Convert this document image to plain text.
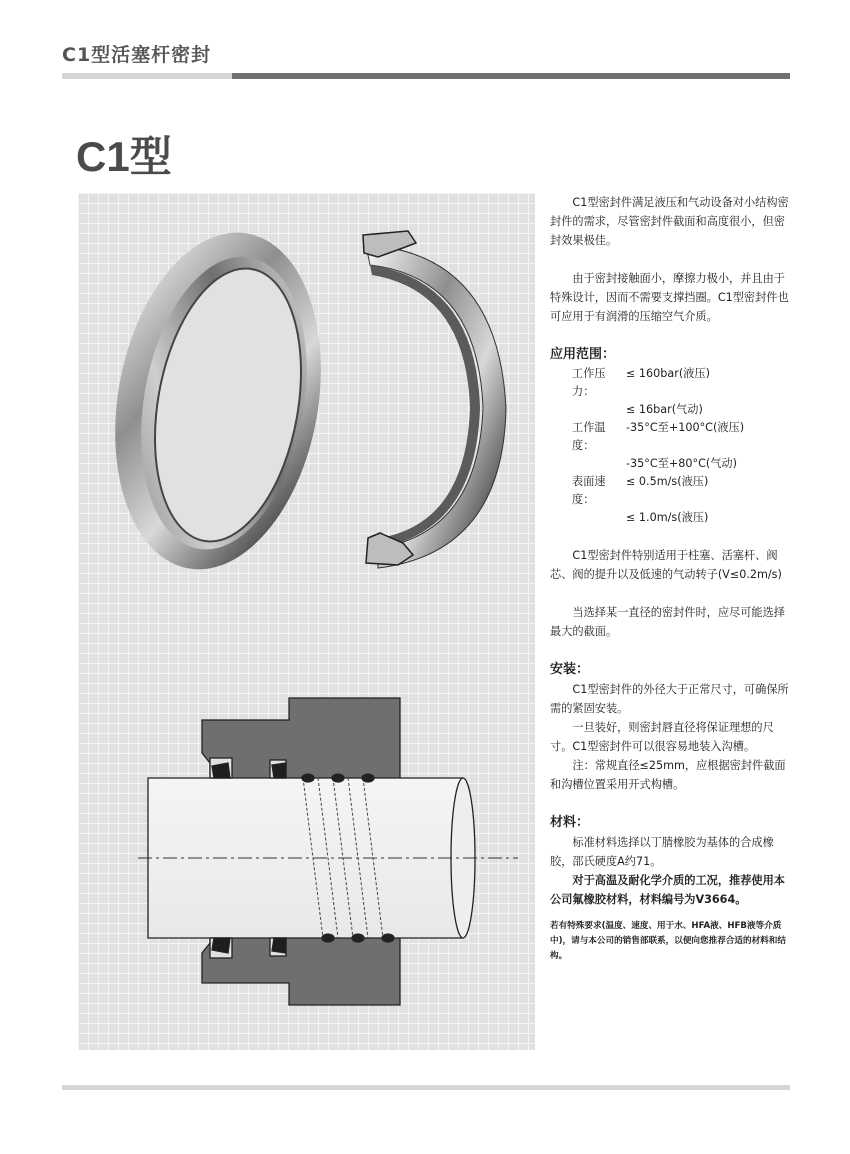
C1型活塞杆密封
C1型

C1型密封件满足液压和气动设备对小结构密封件的需求，尽管密封件截面和高度很小，但密封效果极佳。

由于密封接触面小，摩擦力极小，并且由于特殊设计，因而不需要支撑挡圈。C1型密封件也可应用于有润滑的压缩空气介质。

应用范围：
工作压力：
≤ 160bar(液压)
≤ 16bar(气动)
工作温度：
-35°C至+100°C(液压)
-35°C至+80°C(气动)
表面速度：
≤ 0.5m/s(液压)
≤ 1.0m/s(液压)

C1型密封件特别适用于柱塞、活塞杆、阀芯、阀的提升以及低速的气动转子(V≤0.2m/s)

当选择某一直径的密封件时，应尽可能选择最大的截面。

安装：

C1型密封件的外径大于正常尺寸，可确保所需的紧固安装。

一旦装好，则密封唇直径将保证理想的尺寸。C1型密封件可以很容易地装入沟槽。

注：常规直径≤25mm，应根据密封件截面和沟槽位置采用开式构槽。

材料：

标准材料选择以丁腈橡胶为基体的合成橡胶，邵氏硬度A约71。

对于高温及耐化学介质的工况，推荐使用本公司氟橡胶材料，材料编号为V3664。

若有特殊要求(温度、速度、用于水、HFA液、HFB液等介质中)，请与本公司的销售部联系，以便向您推荐合适的材料和结构。
